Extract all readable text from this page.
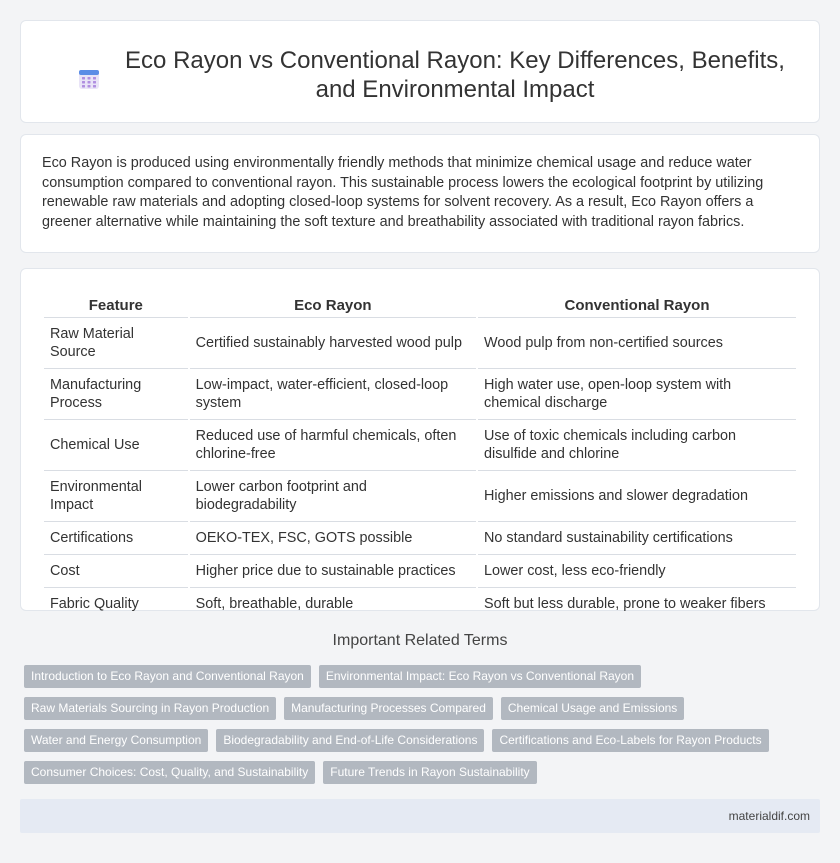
Eco Rayon vs Conventional Rayon: Key Differences, Benefits, and Environmental Impact

Eco Rayon is produced using environmentally friendly methods that minimize chemical usage and reduce water consumption compared to conventional rayon. This sustainable process lowers the ecological footprint by utilizing renewable raw materials and adopting closed-loop systems for solvent recovery. As a result, Eco Rayon offers a greener alternative while maintaining the soft texture and breathability associated with traditional rayon fabrics.

Feature	Eco Rayon	Conventional Rayon
Raw Material Source	Certified sustainably harvested wood pulp	Wood pulp from non-certified sources
Manufacturing Process	Low-impact, water-efficient, closed-loop system	High water use, open-loop system with chemical discharge
Chemical Use	Reduced use of harmful chemicals, often chlorine-free	Use of toxic chemicals including carbon disulfide and chlorine
Environmental Impact	Lower carbon footprint and biodegradability	Higher emissions and slower degradation
Certifications	OEKO-TEX, FSC, GOTS possible	No standard sustainability certifications
Cost	Higher price due to sustainable practices	Lower cost, less eco-friendly
Fabric Quality	Soft, breathable, durable	Soft but less durable, prone to weaker fibers
Important Related Terms
Introduction to Eco Rayon and Conventional Rayon	Environmental Impact: Eco Rayon vs Conventional Rayon
Raw Materials Sourcing in Rayon Production	Manufacturing Processes Compared	Chemical Usage and Emissions
Water and Energy Consumption	Biodegradability and End-of-Life Considerations	Certifications and Eco-Labels for Rayon Products
Consumer Choices: Cost, Quality, and Sustainability	Future Trends in Rayon Sustainability
materialdif.com
